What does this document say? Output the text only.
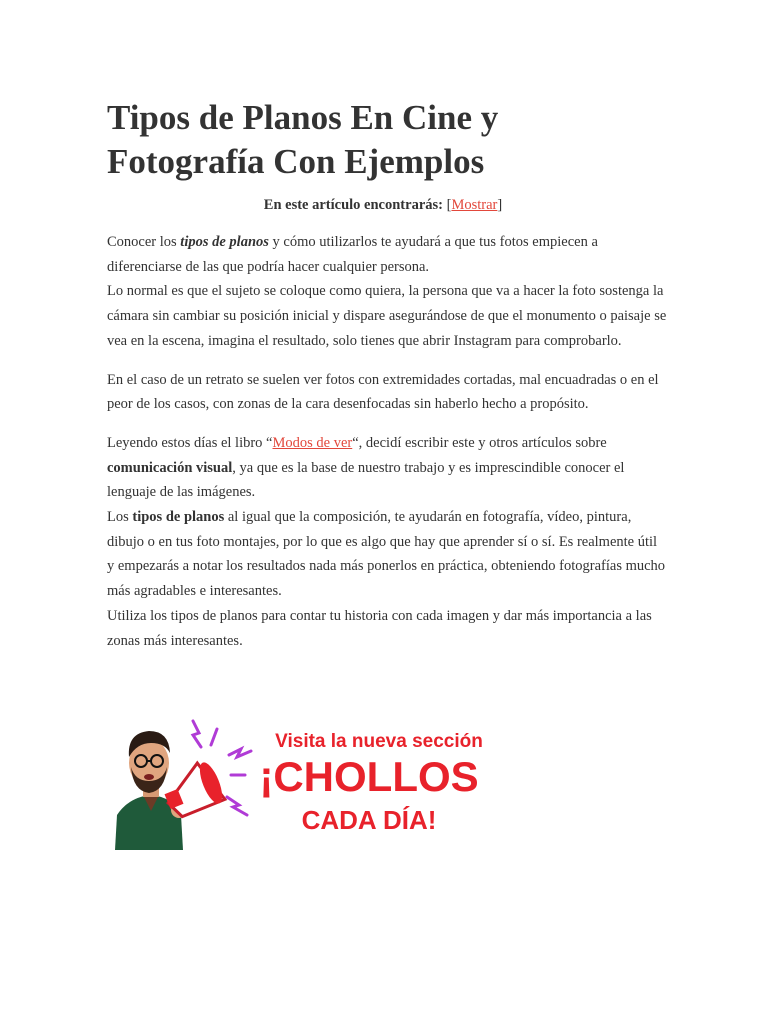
Tipos de Planos En Cine y
Fotografía Con Ejemplos
En este artículo encontrarás: [Mostrar]

Conocer los tipos de planos y cómo utilizarlos te ayudará a que tus fotos empiecen a diferenciarse de las que podría hacer cualquier persona.

Lo normal es que el sujeto se coloque como quiera, la persona que va a hacer la foto sostenga la cámara sin cambiar su posición inicial y dispare asegurándose de que el monumento o paisaje se vea en la escena, imagina el resultado, solo tienes que abrir Instagram para comprobarlo.

En el caso de un retrato se suelen ver fotos con extremidades cortadas, mal encuadradas o en el peor de los casos, con zonas de la cara desenfocadas sin haberlo hecho a propósito.

Leyendo estos días el libro “Modos de ver“, decidí escribir este y otros artículos sobre comunicación visual, ya que es la base de nuestro trabajo y es imprescindible conocer el lenguaje de las imágenes.

Los tipos de planos al igual que la composición, te ayudarán en fotografía, vídeo, pintura, dibujo o en tus foto montajes, por lo que es algo que hay que aprender sí o sí. Es realmente útil y empezarás a notar los resultados nada más ponerlos en práctica, obteniendo fotografías mucho más agradables e interesantes.

Utiliza los tipos de planos para contar tu historia con cada imagen y dar más importancia a las zonas más interesantes.

Visita la nueva sección
¡CHOLLOS
CADA DÍA!
